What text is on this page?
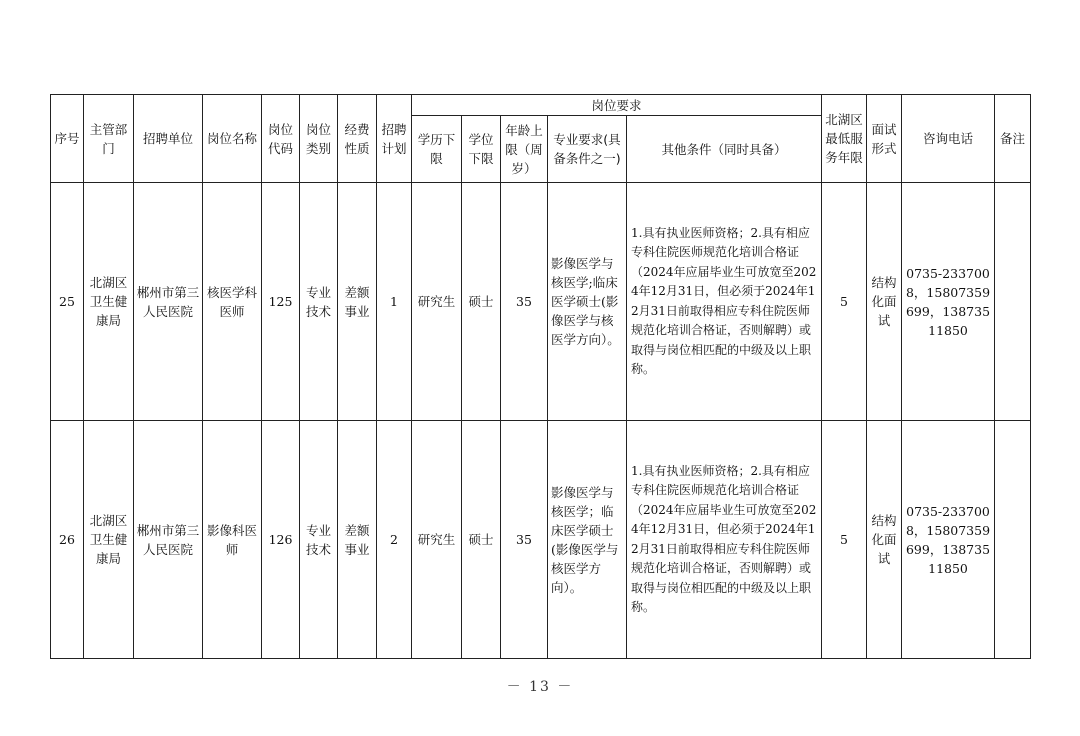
序号	主管部门	招聘单位	岗位名称	岗位代码	岗位类别	经费性质	招聘计划	岗位要求					北湖区最低服务年限	面试形式	咨询电话	备注
								学历下限	学位下限	年龄上限（周岁）	专业要求(具备条件之一)	其他条件（同时具备）				
25	北湖区卫生健康局	郴州市第三人民医院	核医学科医师	125	专业技术	差额事业	1	研究生	硕士	35	影像医学与核医学;临床医学硕士(影像医学与核医学方向）。	1.具有执业医师资格；2.具有相应专科住院医师规范化培训合格证（2024年应届毕业生可放宽至2024年12月31日，但必须于2024年12月31日前取得相应专科住院医师规范化培训合格证，否则解聘）或取得与岗位相匹配的中级及以上职称。	5	结构化面试	0735-2337008，15807359699，13873511850	
26	北湖区卫生健康局	郴州市第三人民医院	影像科医师	126	专业技术	差额事业	2	研究生	硕士	35	影像医学与核医学；临床医学硕士(影像医学与核医学方向）。	1.具有执业医师资格；2.具有相应专科住院医师规范化培训合格证（2024年应届毕业生可放宽至2024年12月31日，但必须于2024年12月31日前取得相应专科住院医师规范化培训合格证，否则解聘）或取得与岗位相匹配的中级及以上职称。	5	结构化面试	0735-2337008，15807359699，13873511850	
－ 13 －
